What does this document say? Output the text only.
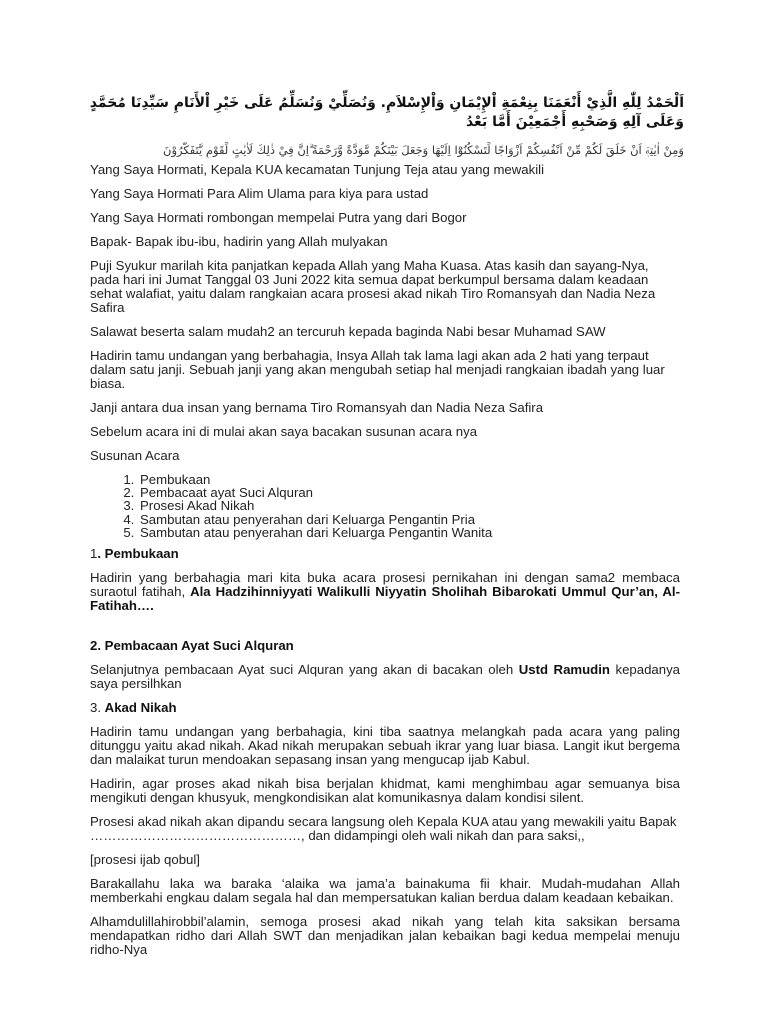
اَلْحَمْدُ لِلّٰهِ الَّذِيْ أَنْعَمَنَا بِنِعْمَةِ اْلإِيْمَانِ وَاْلإِسْلاَمِ. وَنُصَلِّيْ وَنُسَلِّمُ عَلَى خَيْرِ اْلأَنَامِ سَيِّدِنَا مُحَمَّدٍ وَعَلَى آلِهِ وَصَحْبِهِ أَجْمَعِيْنَ أَمَّا بَعْدُ
وَمِنْ اٰيٰتِهٖٓ اَنْ خَلَقَ لَكُمْ مِّنْ اَنْفُسِكُمْ اَزْوَاجًا لِّتَسْكُنُوْٓا اِلَيْهَا وَجَعَلَ بَيْنَكُمْ مَّوَدَّةً وَّرَحْمَةً ۗاِنَّ فِيْ ذٰلِكَ لَاٰيٰتٍ لِّقَوْمٍ يَّتَفَكَّرُوْنَ

Yang Saya Hormati, Kepala KUA kecamatan Tunjung Teja atau yang mewakili

Yang Saya Hormati Para Alim Ulama para kiya para ustad

Yang Saya Hormati rombongan mempelai Putra yang dari Bogor

Bapak- Bapak ibu-ibu, hadirin yang Allah mulyakan

Puji Syukur marilah kita panjatkan kepada Allah yang Maha Kuasa. Atas kasih dan sayang-Nya, pada hari ini Jumat Tanggal 03 Juni 2022 kita semua dapat berkumpul bersama dalam keadaan sehat walafiat, yaitu dalam rangkaian acara prosesi akad nikah Tiro Romansyah dan Nadia Neza Safira

Salawat beserta salam mudah2 an tercuruh kepada baginda Nabi besar Muhamad SAW

Hadirin tamu undangan yang berbahagia, Insya Allah tak lama lagi akan ada 2 hati yang terpaut dalam satu janji. Sebuah janji yang akan mengubah setiap hal menjadi rangkaian ibadah yang luar biasa.

Janji antara dua insan yang bernama Tiro Romansyah dan Nadia Neza Safira

Sebelum acara ini di mulai akan saya bacakan susunan acara nya

Susunan Acara

1. Pembukaan
2. Pembacaat ayat Suci Alquran
3. Prosesi Akad Nikah
4. Sambutan atau penyerahan dari Keluarga Pengantin Pria
5. Sambutan atau penyerahan dari Keluarga Pengantin Wanita

1. Pembukaan

Hadirin yang berbahagia mari kita buka acara prosesi pernikahan ini dengan sama2 membaca suraotul fatihah, Ala Hadzihinniyyati Walikulli Niyyatin Sholihah Bibarokati Ummul Qur’an, Al-Fatihah….

2. Pembacaan Ayat Suci Alquran

Selanjutnya pembacaan Ayat suci Alquran yang akan di bacakan oleh Ustd Ramudin kepadanya saya persilhkan

3. Akad Nikah

Hadirin tamu undangan yang berbahagia, kini tiba saatnya melangkah pada acara yang paling ditunggu yaitu akad nikah. Akad nikah merupakan sebuah ikrar yang luar biasa. Langit ikut bergema dan malaikat turun mendoakan sepasang insan yang mengucap ijab Kabul.

Hadirin, agar proses akad nikah bisa berjalan khidmat, kami menghimbau agar semuanya bisa mengikuti dengan khusyuk, mengkondisikan alat komunikasnya dalam kondisi silent.

Prosesi akad nikah akan dipandu secara langsung oleh Kepala KUA atau yang mewakili yaitu Bapak …………………………………………, dan didampingi oleh wali nikah dan para saksi,,

[prosesi ijab qobul]

Barakallahu laka wa baraka ‘alaika wa jama’a bainakuma fii khair. Mudah-mudahan Allah memberkahi engkau dalam segala hal dan mempersatukan kalian berdua dalam keadaan kebaikan.

Alhamdulillahirobbil’alamin, semoga prosesi akad nikah yang telah kita saksikan bersama mendapatkan ridho dari Allah SWT dan menjadikan jalan kebaikan bagi kedua mempelai menuju ridho-Nya
